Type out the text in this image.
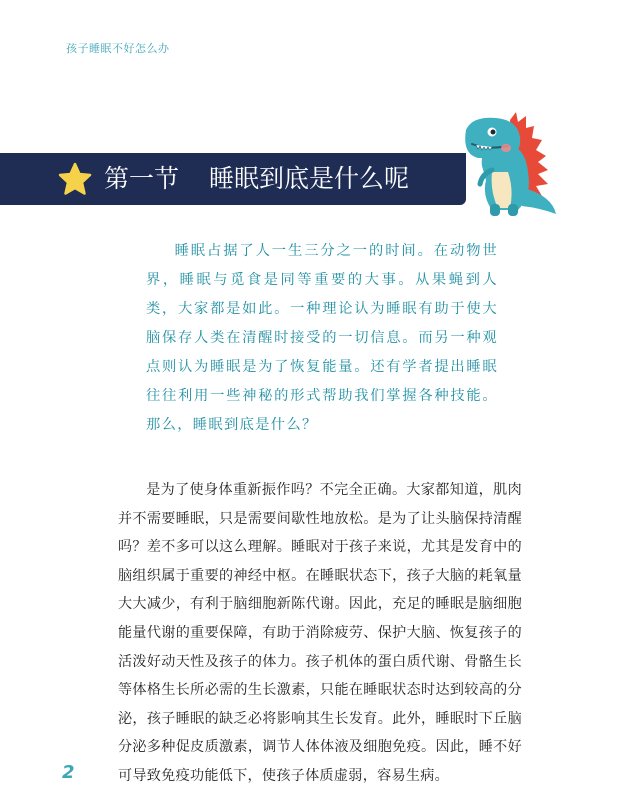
孩子睡眠不好怎么办
第一节 睡眠到底是什么呢
睡眠占据了人一生三分之一的时间。在动物世界，睡眠与觅食是同等重要的大事。从果蝇到人类，大家都是如此。一种理论认为睡眠有助于使大脑保存人类在清醒时接受的一切信息。而另一种观点则认为睡眠是为了恢复能量。还有学者提出睡眠往往利用一些神秘的形式帮助我们掌握各种技能。那么，睡眠到底是什么？
是为了使身体重新振作吗？不完全正确。大家都知道，肌肉并不需要睡眠，只是需要间歇性地放松。是为了让头脑保持清醒吗？差不多可以这么理解。睡眠对于孩子来说，尤其是发育中的脑组织属于重要的神经中枢。在睡眠状态下，孩子大脑的耗氧量大大减少，有利于脑细胞新陈代谢。因此，充足的睡眠是脑细胞能量代谢的重要保障，有助于消除疲劳、保护大脑、恢复孩子的活泼好动天性及孩子的体力。孩子机体的蛋白质代谢、骨骼生长等体格生长所必需的生长激素，只能在睡眠状态时达到较高的分泌，孩子睡眠的缺乏必将影响其生长发育。此外，睡眠时下丘脑分泌多种促皮质激素，调节人体体液及细胞免疫。因此，睡不好可导致免疫功能低下，使孩子体质虚弱，容易生病。
2
